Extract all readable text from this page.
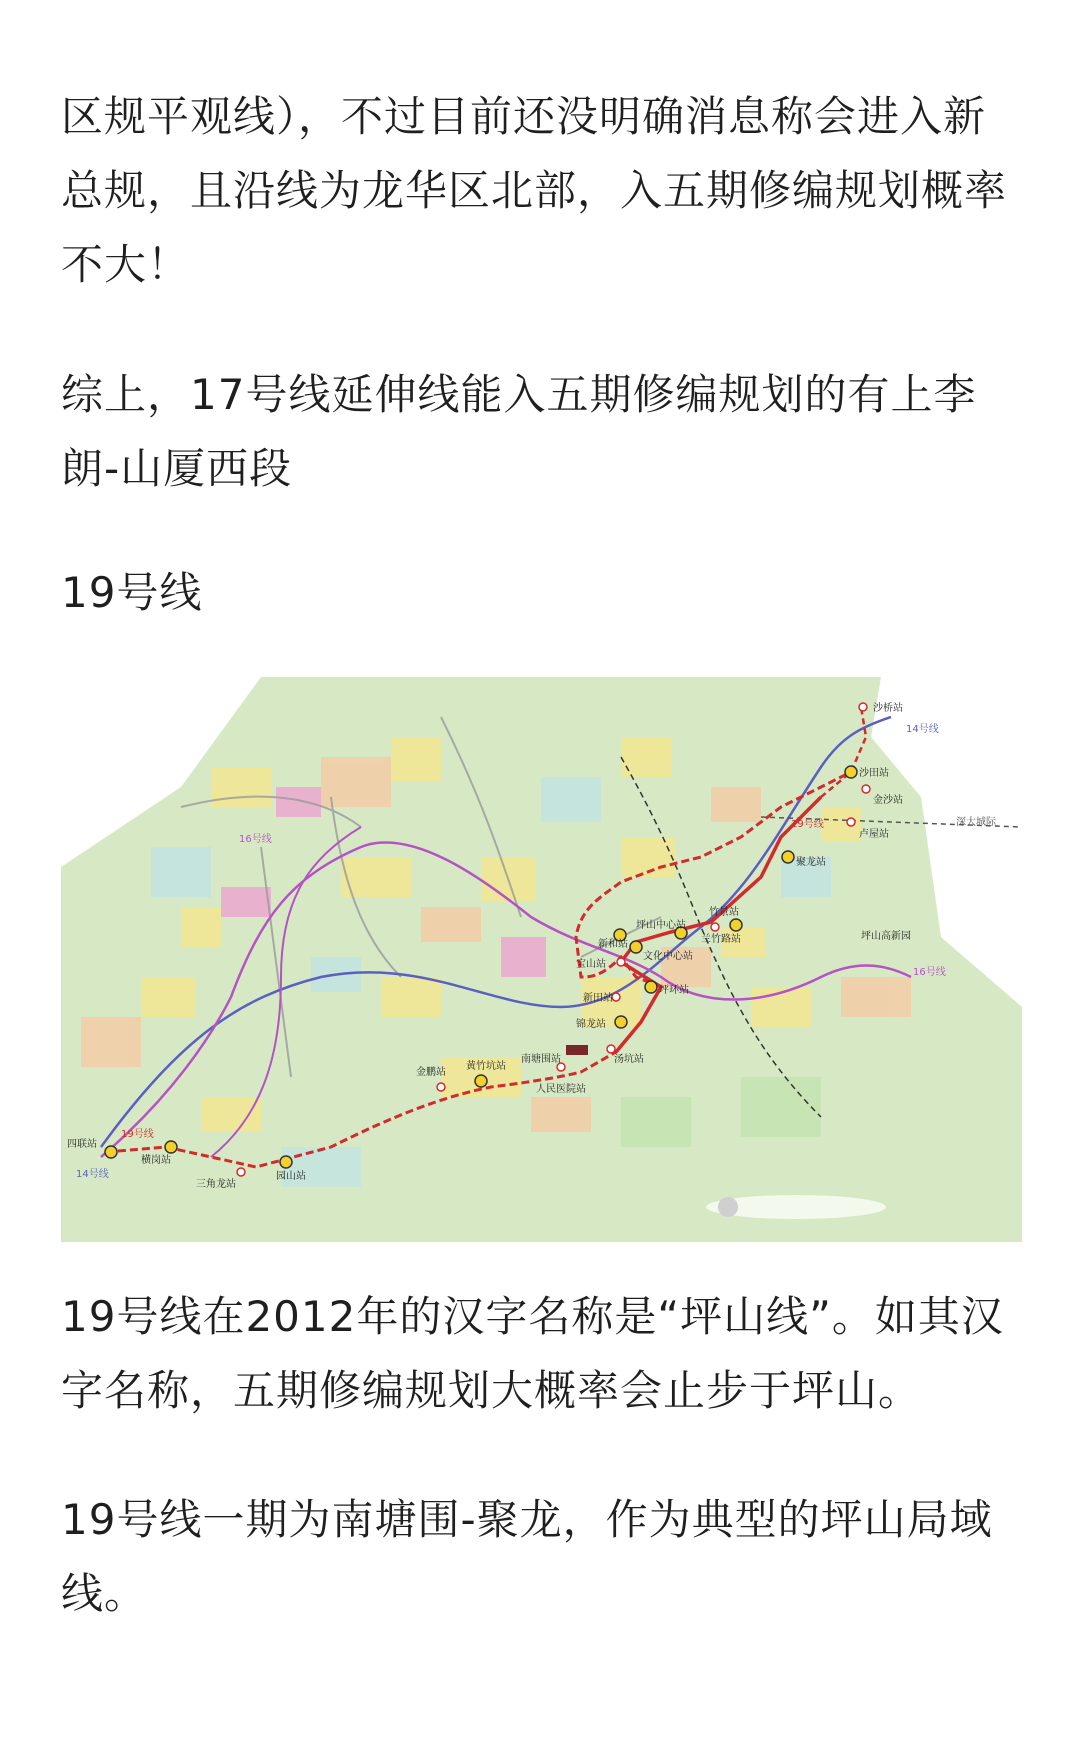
区规平观线），不过目前还没明确消息称会进入新
总规，且沿线为龙华区北部，入五期修编规划概率
不大！
综上，17号线延伸线能入五期修编规划的有上李
朗-山厦西段
19号线
沙桥站
沙田站
金沙站
卢屋站
聚龙站
坪山高新园
新和站
坪山中心站
竹景站
兰竹路站
文化中心站
宝山站
坪环站
新田站
锦龙站
南塘围站	汤坑站
人民医院站
金鹏站
黄竹坑站
四联站
横岗站
三角龙站
园山站
16号线
16号线
14号线
14号线
19号线
19号线
深大城际
19号线在2012年的汉字名称是“坪山线”。如其汉
字名称，五期修编规划大概率会止步于坪山。
19号线一期为南塘围-聚龙，作为典型的坪山局域
线。
